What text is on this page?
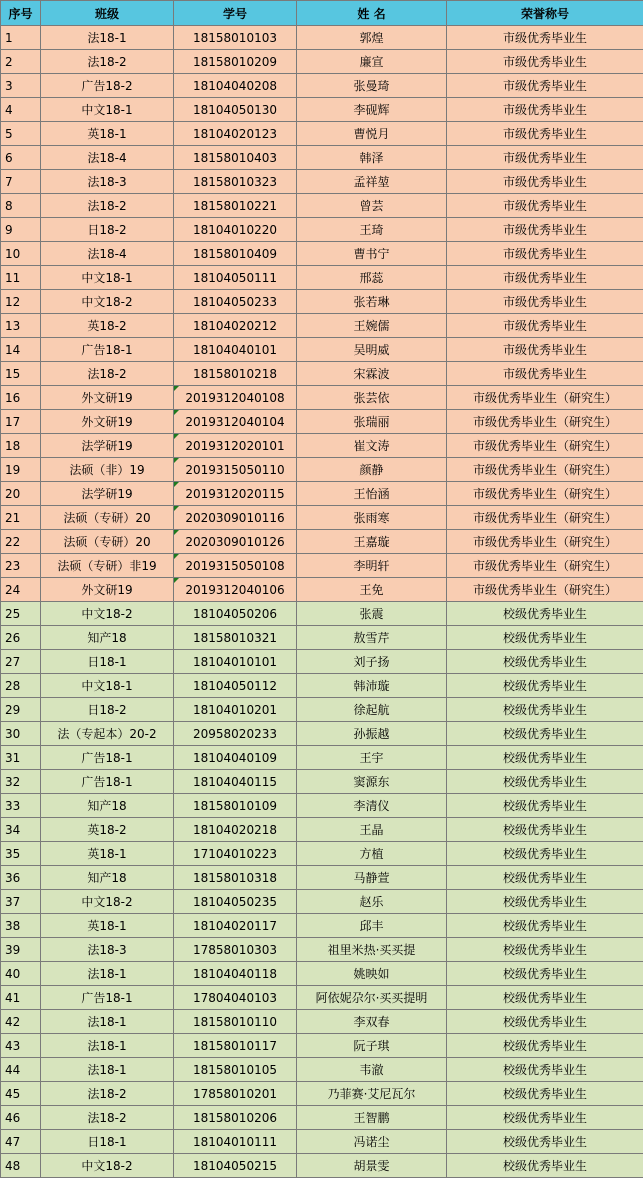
序号	班级	学号	姓 名	荣誉称号
1	法18-1	18158010103	郭煌	市级优秀毕业生
2	法18-2	18158010209	廉宣	市级优秀毕业生
3	广告18-2	18104040208	张曼琦	市级优秀毕业生
4	中文18-1	18104050130	李砚辉	市级优秀毕业生
5	英18-1	18104020123	曹悦月	市级优秀毕业生
6	法18-4	18158010403	韩泽	市级优秀毕业生
7	法18-3	18158010323	孟祥堃	市级优秀毕业生
8	法18-2	18158010221	曾芸	市级优秀毕业生
9	日18-2	18104010220	王琦	市级优秀毕业生
10	法18-4	18158010409	曹书宁	市级优秀毕业生
11	中文18-1	18104050111	邢蕊	市级优秀毕业生
12	中文18-2	18104050233	张若琳	市级优秀毕业生
13	英18-2	18104020212	王婉儒	市级优秀毕业生
14	广告18-1	18104040101	吴明威	市级优秀毕业生
15	法18-2	18158010218	宋霖波	市级优秀毕业生
16	外文研19	2019312040108	张芸依	市级优秀毕业生（研究生）
17	外文研19	2019312040104	张瑞丽	市级优秀毕业生（研究生）
18	法学研19	2019312020101	崔文涛	市级优秀毕业生（研究生）
19	法硕（非）19	2019315050110	颜静	市级优秀毕业生（研究生）
20	法学研19	2019312020115	王怡涵	市级优秀毕业生（研究生）
21	法硕（专研）20	2020309010116	张雨寒	市级优秀毕业生（研究生）
22	法硕（专研）20	2020309010126	王嘉璇	市级优秀毕业生（研究生）
23	法硕（专研）非19	2019315050108	李明轩	市级优秀毕业生（研究生）
24	外文研19	2019312040106	王免	市级优秀毕业生（研究生）
25	中文18-2	18104050206	张震	校级优秀毕业生
26	知产18	18158010321	敖雪芹	校级优秀毕业生
27	日18-1	18104010101	刘子扬	校级优秀毕业生
28	中文18-1	18104050112	韩沛璇	校级优秀毕业生
29	日18-2	18104010201	徐起航	校级优秀毕业生
30	法（专起本）20-2	20958020233	孙振越	校级优秀毕业生
31	广告18-1	18104040109	王宇	校级优秀毕业生
32	广告18-1	18104040115	窦源东	校级优秀毕业生
33	知产18	18158010109	李清仪	校级优秀毕业生
34	英18-2	18104020218	王晶	校级优秀毕业生
35	英18-1	17104010223	方植	校级优秀毕业生
36	知产18	18158010318	马静萱	校级优秀毕业生
37	中文18-2	18104050235	赵乐	校级优秀毕业生
38	英18-1	18104020117	邱丰	校级优秀毕业生
39	法18-3	17858010303	祖里米热·买买提	校级优秀毕业生
40	法18-1	18104040118	姚映如	校级优秀毕业生
41	广告18-1	17804040103	阿依妮尕尔·买买提明	校级优秀毕业生
42	法18-1	18158010110	李双春	校级优秀毕业生
43	法18-1	18158010117	阮子琪	校级优秀毕业生
44	法18-1	18158010105	韦澈	校级优秀毕业生
45	法18-2	17858010201	乃菲赛·艾尼瓦尔	校级优秀毕业生
46	法18-2	18158010206	王智鹏	校级优秀毕业生
47	日18-1	18104010111	冯诺尘	校级优秀毕业生
48	中文18-2	18104050215	胡景雯	校级优秀毕业生
